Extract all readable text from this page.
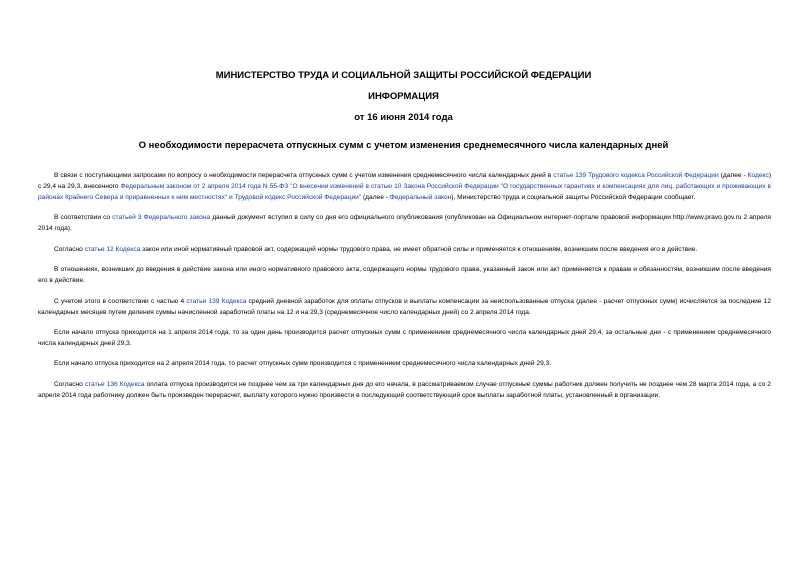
МИНИСТЕРСТВО ТРУДА И СОЦИАЛЬНОЙ ЗАЩИТЫ РОССИЙСКОЙ ФЕДЕРАЦИИ
ИНФОРМАЦИЯ
от 16 июня 2014 года
О необходимости перерасчета отпускных сумм с учетом изменения среднемесячного числа календарных дней

В связи с поступающими запросами по вопросу о необходимости перерасчета отпускных сумм с учетом изменения среднемесячного числа календарных дней в статье 139 Трудового кодекса Российской Федерации (далее - Кодекс) с 29,4 на 29,3, внесенного Федеральным законом от 2 апреля 2014 года N 55-ФЗ "О внесении изменений в статью 10 Закона Российской Федерации "О государственных гарантиях и компенсациях для лиц, работающих и проживающих в районах Крайнего Севера и приравненных к ним местностях" и Трудовой кодекс Российской Федерации" (далее - Федеральный закон), Министерство труда и социальной защиты Российской Федерации сообщает.

В соответствии со статьей 3 Федерального закона данный документ вступил в силу со дня его официального опубликования (опубликован на Официальном интернет-портале правовой информации http://www.pravo.gov.ru 2 апреля 2014 года).

Согласно статье 12 Кодекса закон или иной нормативный правовой акт, содержащий нормы трудового права, не имеет обратной силы и применяется к отношениям, возникшим после введения его в действие.

В отношениях, возникших до введения в действие закона или иного нормативного правового акта, содержащего нормы трудового права, указанный закон или акт применяется к правам и обязанностям, возникшим после введения его в действие.

С учетом этого в соответствии с частью 4 статьи 139 Кодекса средний дневной заработок для оплаты отпусков и выплаты компенсации за неиспользованные отпуска (далее - расчет отпускных сумм) исчисляется за последние 12 календарных месяцев путем деления суммы начисленной заработной платы на 12 и на 29,3 (среднемесячное число календарных дней) со 2 апреля 2014 года.

Если начало отпуска приходится на 1 апреля 2014 года, то за один день производится расчет отпускных сумм с применением среднемесячного числа календарных дней 29,4, за остальные дни - с применением среднемесячного числа календарных дней 29,3.

Если начало отпуска приходится на 2 апреля 2014 года, то расчет отпускных сумм производится с применением среднемесячного числа календарных дней 29,3.

Согласно статье 136 Кодекса оплата отпуска производится не позднее чем за три календарных дня до его начала, в рассматриваемом случае отпускные суммы работник должен получить не позднее чем 28 марта 2014 года, а со 2 апреля 2014 года работнику должен быть произведен перерасчет, выплату которого нужно произвести в последующий соответствующий срок выплаты заработной платы, установленный в организации.
